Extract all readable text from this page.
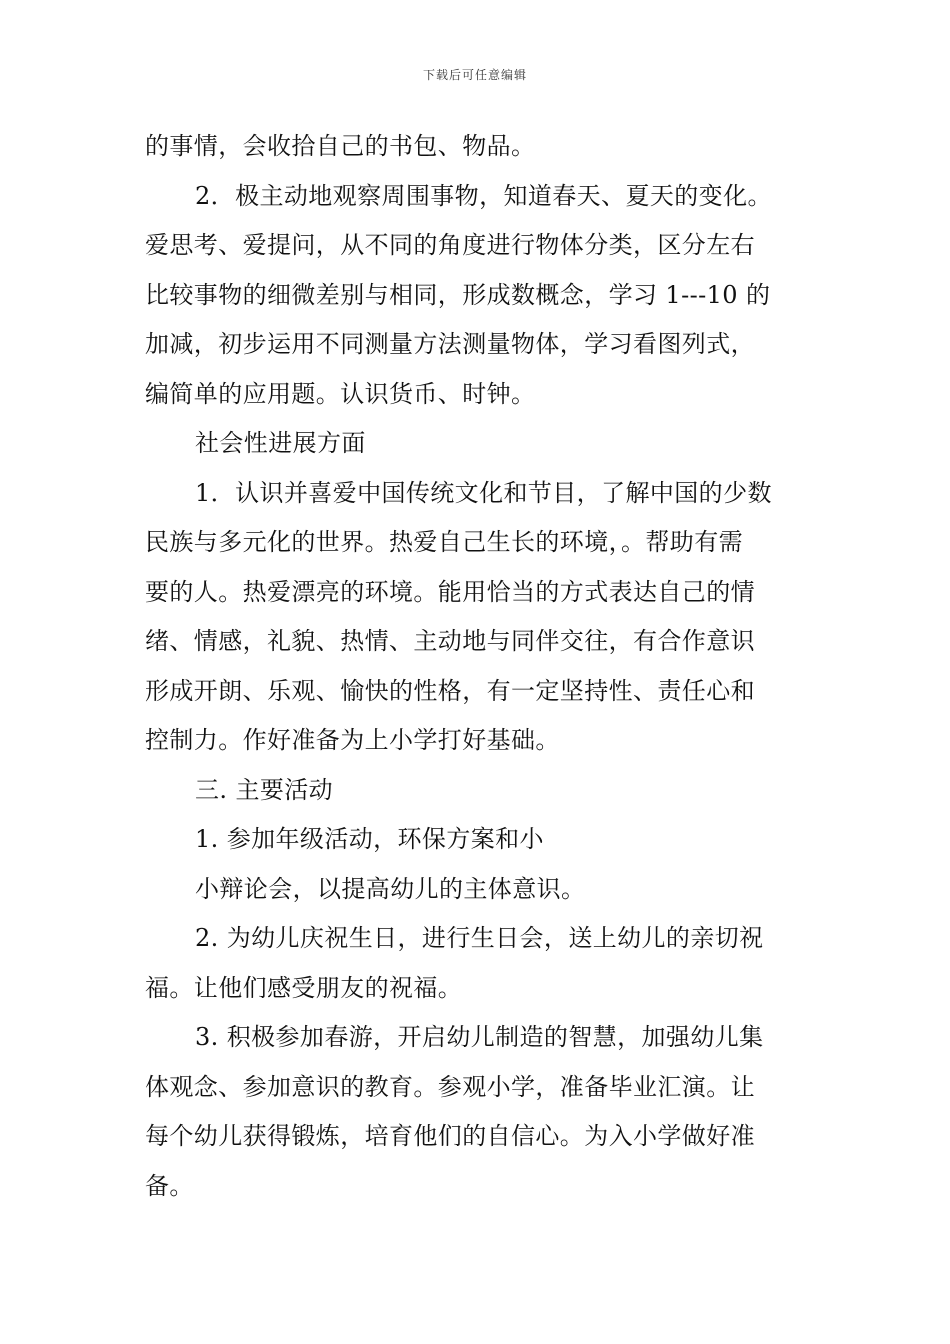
下载后可任意编辑
的事情，会收拾自己的书包、物品。
2．极主动地观察周围事物，知道春天、夏天的变化。
爱思考、爱提问，从不同的角度进行物体分类，区分左右
比较事物的细微差别与相同，形成数概念，学习 1---10 的
加减，初步运用不同测量方法测量物体，学习看图列式，
编简单的应用题。认识货币、时钟。
社会性进展方面
1．认识并喜爱中国传统文化和节目，了解中国的少数
民族与多元化的世界。热爱自己生长的环境，。帮助有需
要的人。热爱漂亮的环境。能用恰当的方式表达自己的情
绪、情感，礼貌、热情、主动地与同伴交往，有合作意识
形成开朗、乐观、愉快的性格，有一定坚持性、责任心和
控制力。作好准备为上小学打好基础。
三. 主要活动
1. 参加年级活动，环保方案和小
小辩论会，以提高幼儿的主体意识。
2. 为幼儿庆祝生日，进行生日会，送上幼儿的亲切祝
福。让他们感受朋友的祝福。
3. 积极参加春游，开启幼儿制造的智慧，加强幼儿集
体观念、参加意识的教育。参观小学，准备毕业汇演。让
每个幼儿获得锻炼，培育他们的自信心。为入小学做好准
备。
